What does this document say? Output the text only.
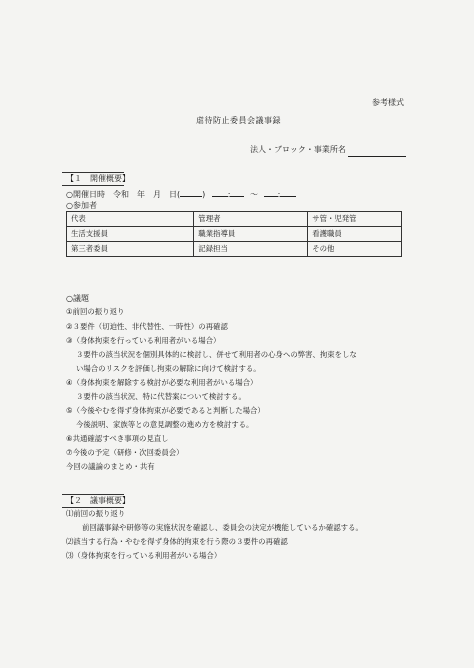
参考様式
虐待防止委員会議事録
法人・ブロック・事業所名
【１　開催概要】
○開催日時　令和　年　月　日(	)	: ～ :
○参加者
代表	管理者	サ管・児発管
生活支援員	職業指導員	看護職員
第三者委員	記録担当	その他
○議題
①前回の振り返り
②３要件（切迫性、非代替性、一時性）の再確認
③（身体拘束を行っている利用者がいる場合）
３要件の該当状況を個別具体的に検討し、併せて利用者の心身への弊害、拘束をしな
い場合のリスクを評価し拘束の解除に向けて検討する。
④（身体拘束を解除する検討が必要な利用者がいる場合）
３要件の該当状況、特に代替案について検討する。
⑤（今後やむを得ず身体拘束が必要であると判断した場合）
今後説明、家族等との意見調整の進め方を検討する。
⑥共通確認すべき事項の見直し
⑦今後の予定（研修・次回委員会）
今回の議論のまとめ・共有
【２　議事概要】
⑴前回の振り返り
前回議事録や研修等の実施状況を確認し、委員会の決定が機能しているか確認する。
⑵該当する行為・やむを得ず身体的拘束を行う際の３要件の再確認
⑶（身体拘束を行っている利用者がいる場合）
